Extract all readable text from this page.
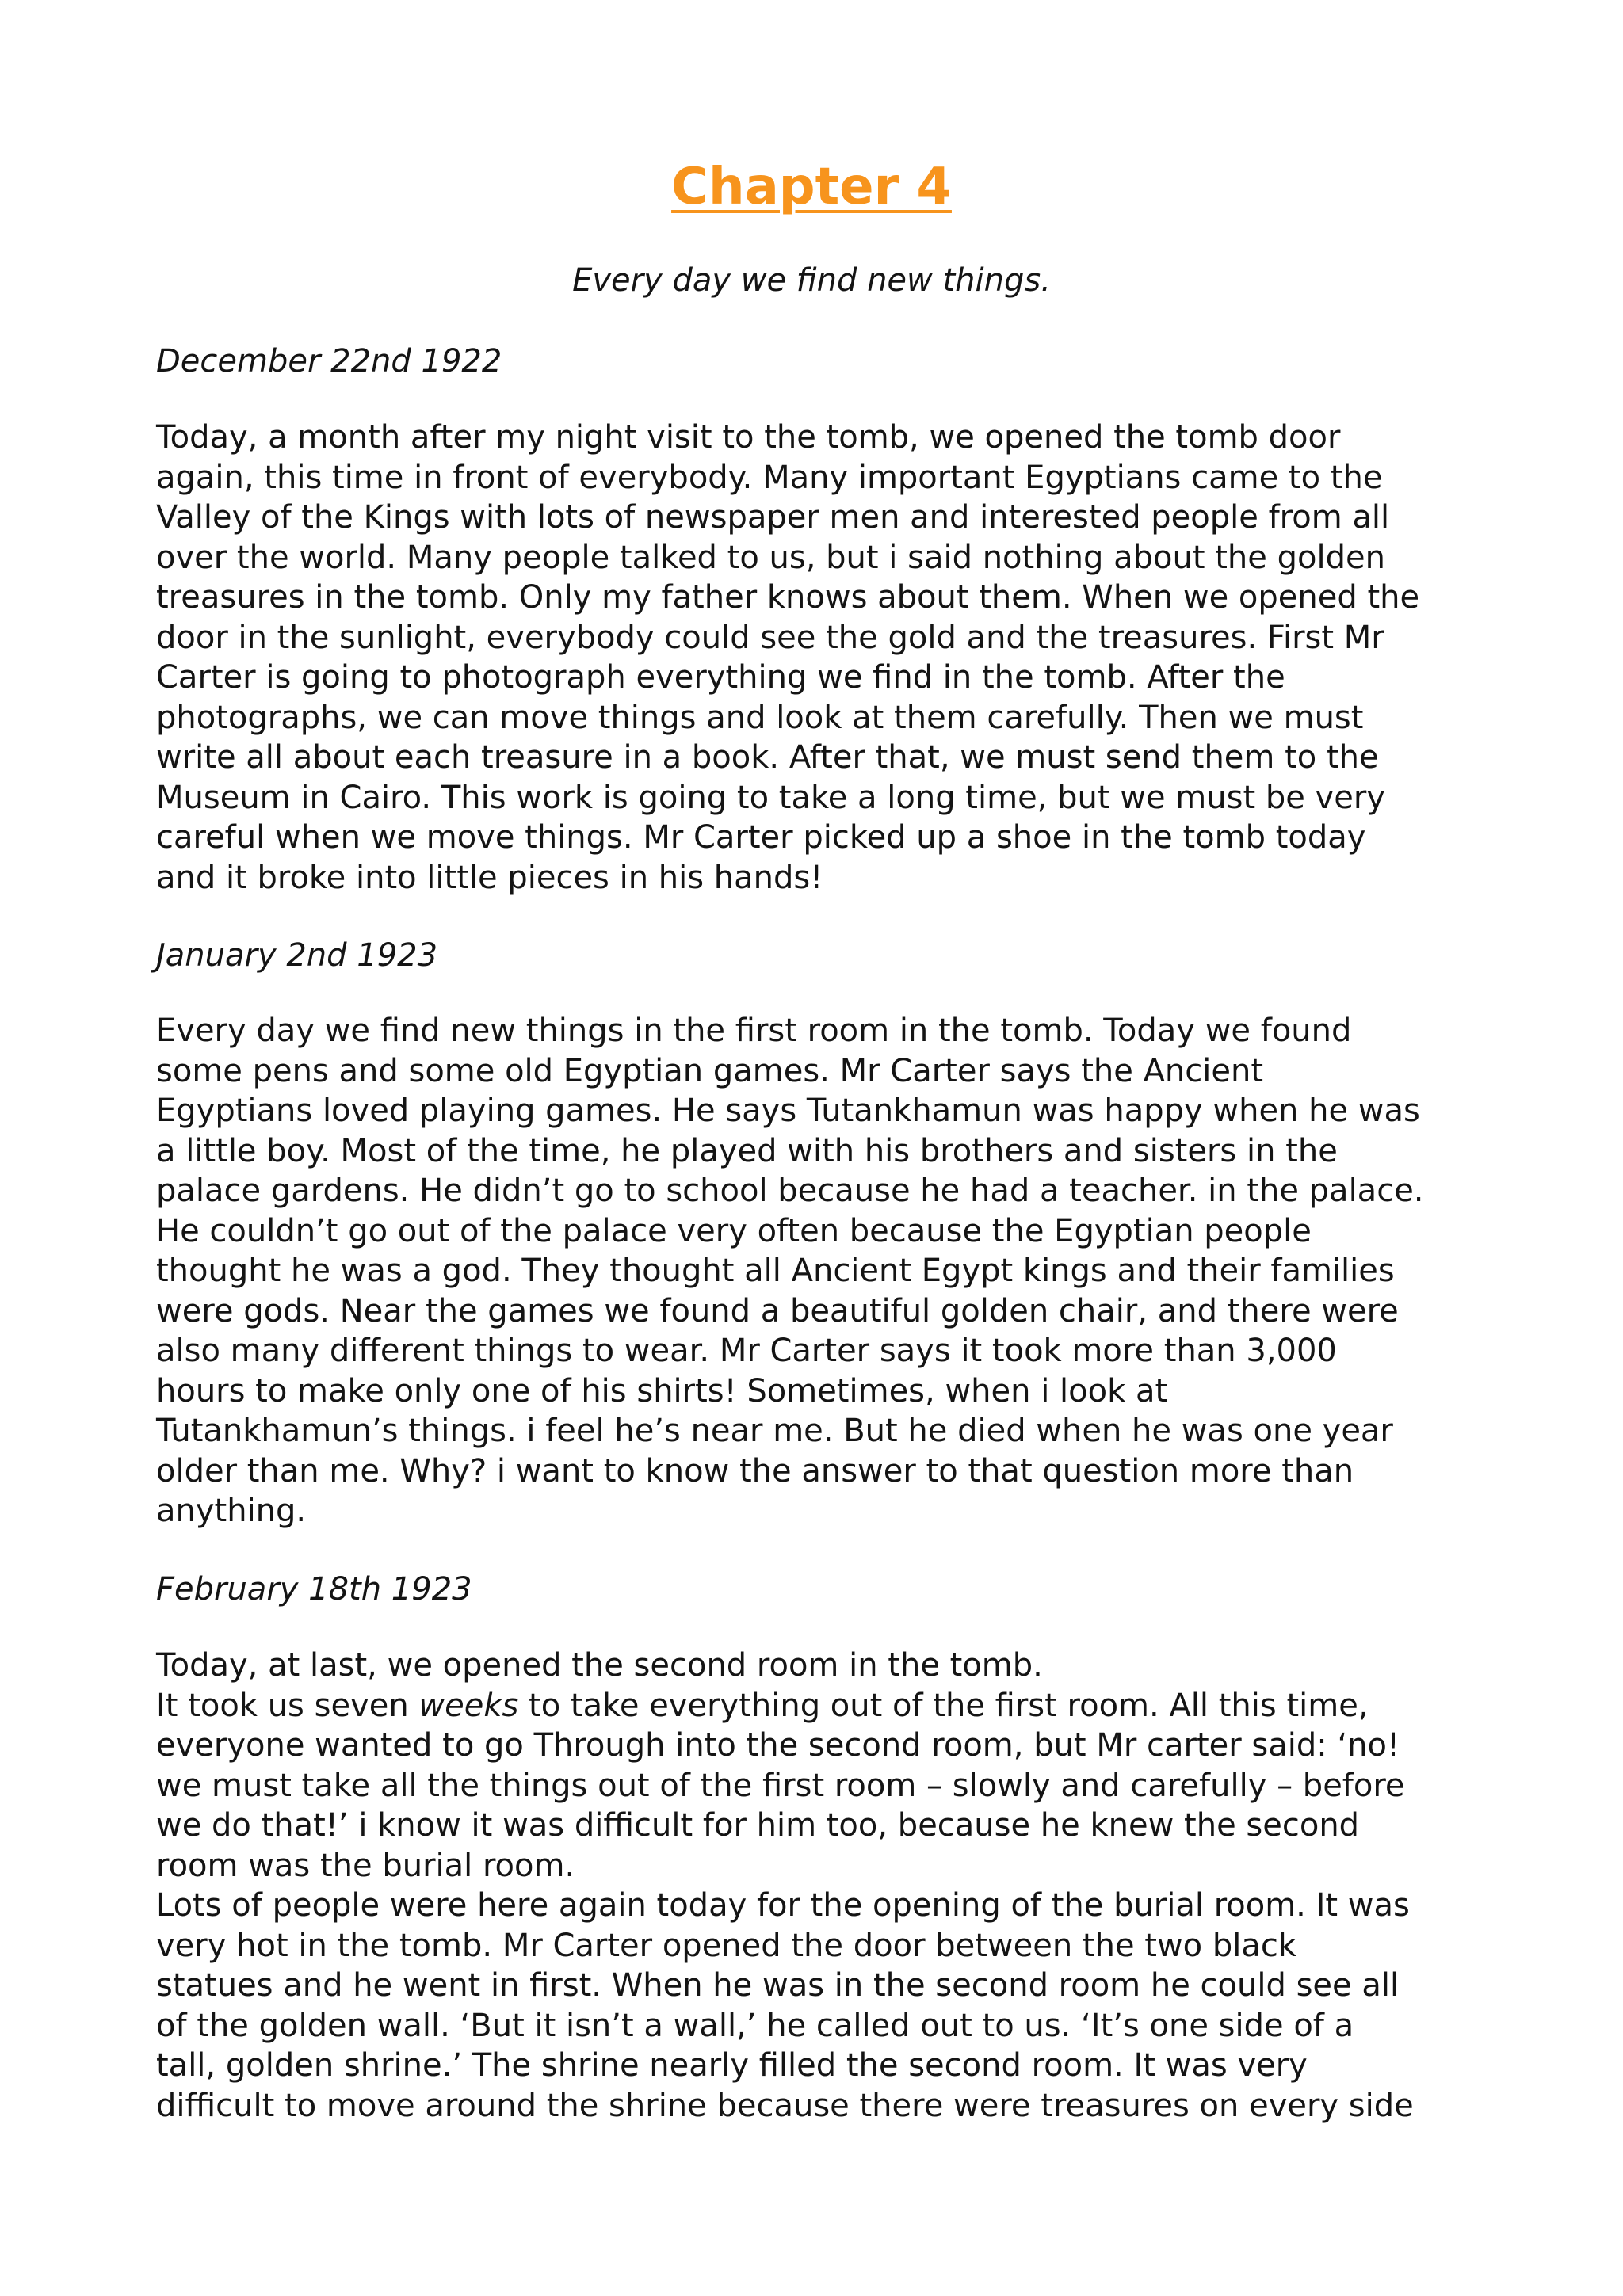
Chapter 4

Every day we find new things.

December 22nd 1922

Today, a month after my night visit to the tomb, we opened the tomb door
again, this time in front of everybody. Many important Egyptians came to the
Valley of the Kings with lots of newspaper men and interested people from all
over the world. Many people talked to us, but i said nothing about the golden
treasures in the tomb. Only my father knows about them. When we opened the
door in the sunlight, everybody could see the gold and the treasures. First Mr
Carter is going to photograph everything we find in the tomb. After the
photographs, we can move things and look at them carefully. Then we must
write all about each treasure in a book. After that, we must send them to the
Museum in Cairo. This work is going to take a long time, but we must be very
careful when we move things. Mr Carter picked up a shoe in the tomb today
and it broke into little pieces in his hands!

January 2nd 1923

Every day we find new things in the first room in the tomb. Today we found
some pens and some old Egyptian games. Mr Carter says the Ancient
Egyptians loved playing games. He says Tutankhamun was happy when he was
a little boy. Most of the time, he played with his brothers and sisters in the
palace gardens. He didn’t go to school because he had a teacher. in the palace.
He couldn’t go out of the palace very often because the Egyptian people
thought he was a god. They thought all Ancient Egypt kings and their families
were gods. Near the games we found a beautiful golden chair, and there were
also many different things to wear. Mr Carter says it took more than 3,000
hours to make only one of his shirts! Sometimes, when i look at
Tutankhamun’s things. i feel he’s near me. But he died when he was one year
older than me. Why? i want to know the answer to that question more than
anything.

February 18th 1923

Today, at last, we opened the second room in the tomb.
It took us seven weeks to take everything out of the first room. All this time,
everyone wanted to go Through into the second room, but Mr carter said: ‘no!
we must take all the things out of the first room – slowly and carefully – before
we do that!’ i know it was difficult for him too, because he knew the second
room was the burial room.
Lots of people were here again today for the opening of the burial room. It was
very hot in the tomb. Mr Carter opened the door between the two black
statues and he went in first. When he was in the second room he could see all
of the golden wall. ‘But it isn’t a wall,’ he called out to us. ‘It’s one side of a
tall, golden shrine.’ The shrine nearly filled the second room. It was very
difficult to move around the shrine because there were treasures on every side
